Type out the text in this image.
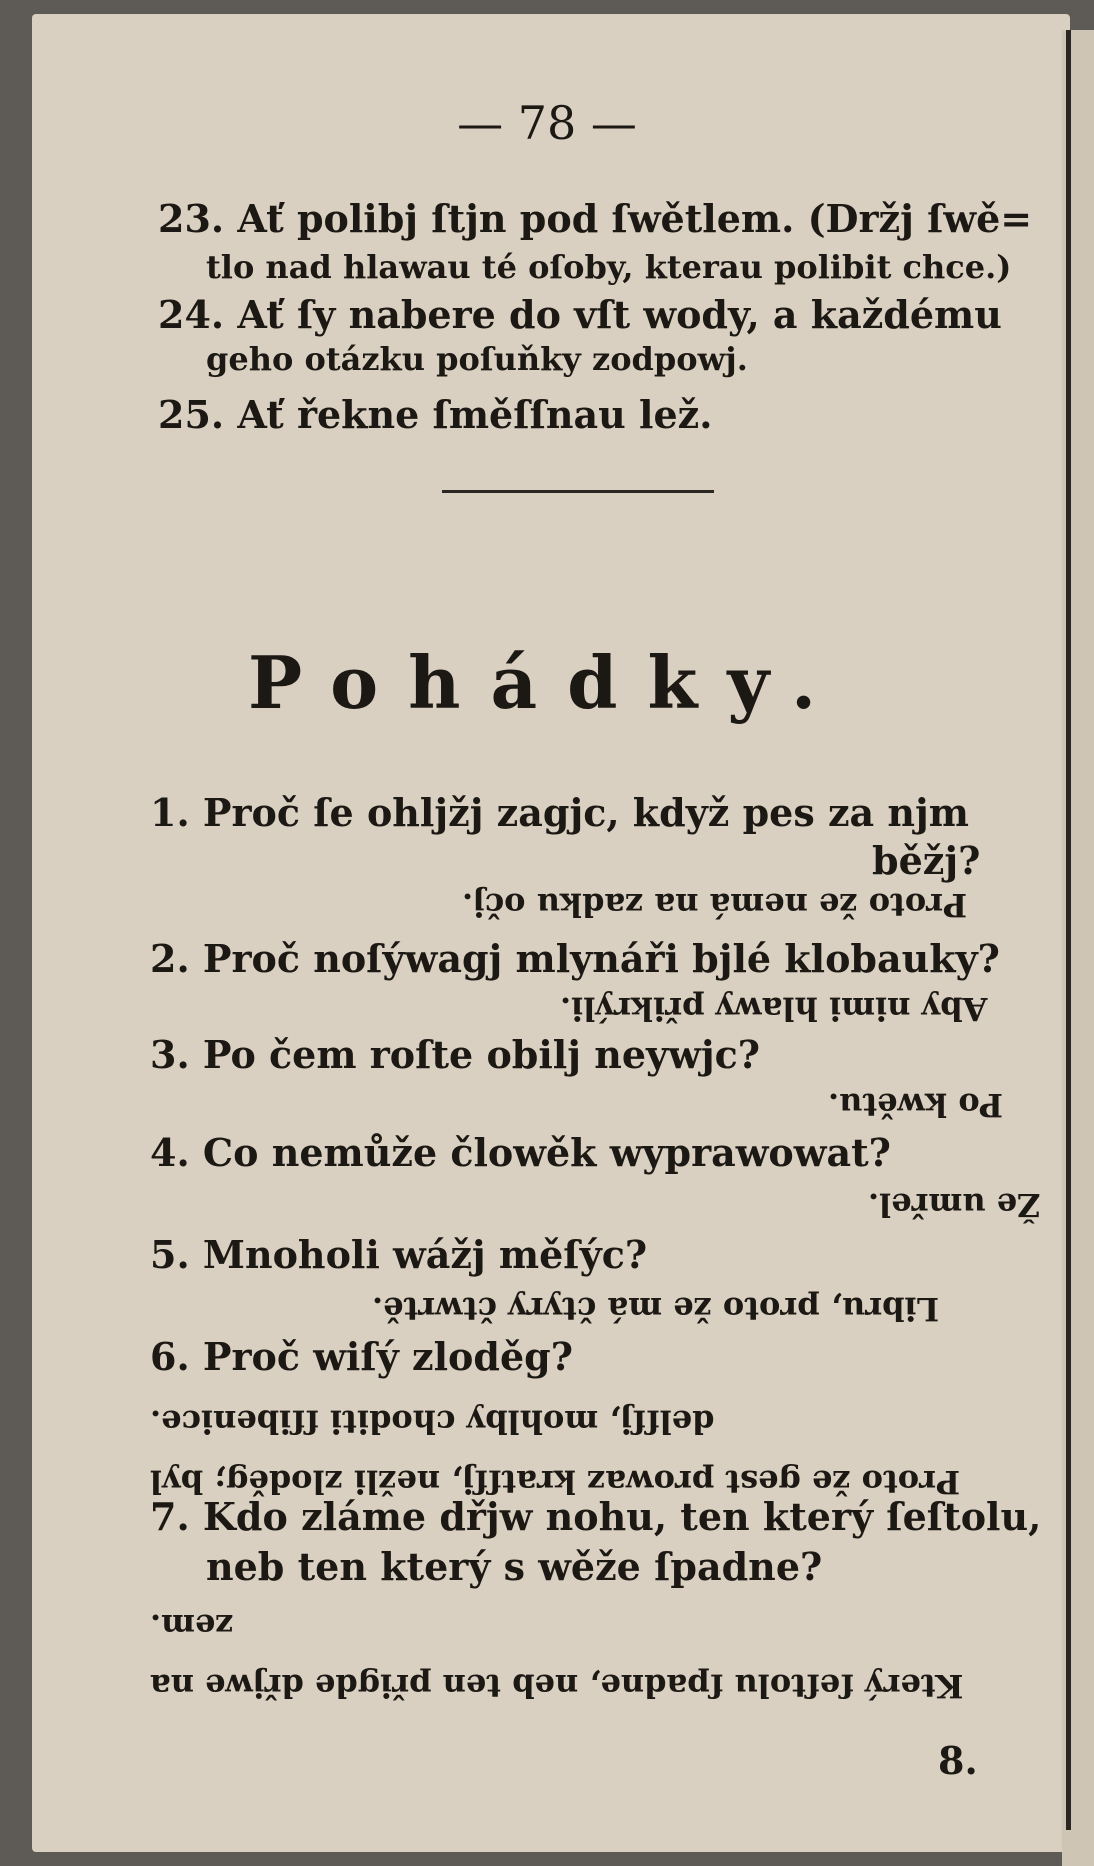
— 78 —
23. Ať polibj ſtjn pod ſwětlem. (Držj ſwě=
tlo nad hlawau té oſoby, kterau polibit chce.)
24. Ať ſy nabere do vſt wody, a každému
geho otázku poſuňky zodpowj.
25. Ať řekne ſměſſnau lež.
Pohádky.
1. Proč ſe ohljžj zagjc, když pes za njm
běžj?
Proto že nemá na zadku očj.
2. Proč noſýwagj mlynáři bjlé klobauky?
Aby nimi hlawy přikrýli.
3. Po čem roſte obilj neywjc?
Po kwětu.
4. Co nemůže člowěk wyprawowat?
Že umřel.
5. Mnoholi wážj měſýc?
Libru, proto že má čtyry čtwrtě.
6. Proč wiſý zloděg?
Proto že gest prowaz kratſſj, nežli zloděg; byl delſſj, mohlby choditi ſſibenice.
7. Kdo zláme dřjw nohu, ten který ſeſtolu,
neb ten který s wěže ſpadne?
Který ſeſtolu ſpadne, neb ten přigde dřjwe na zem.
8.
